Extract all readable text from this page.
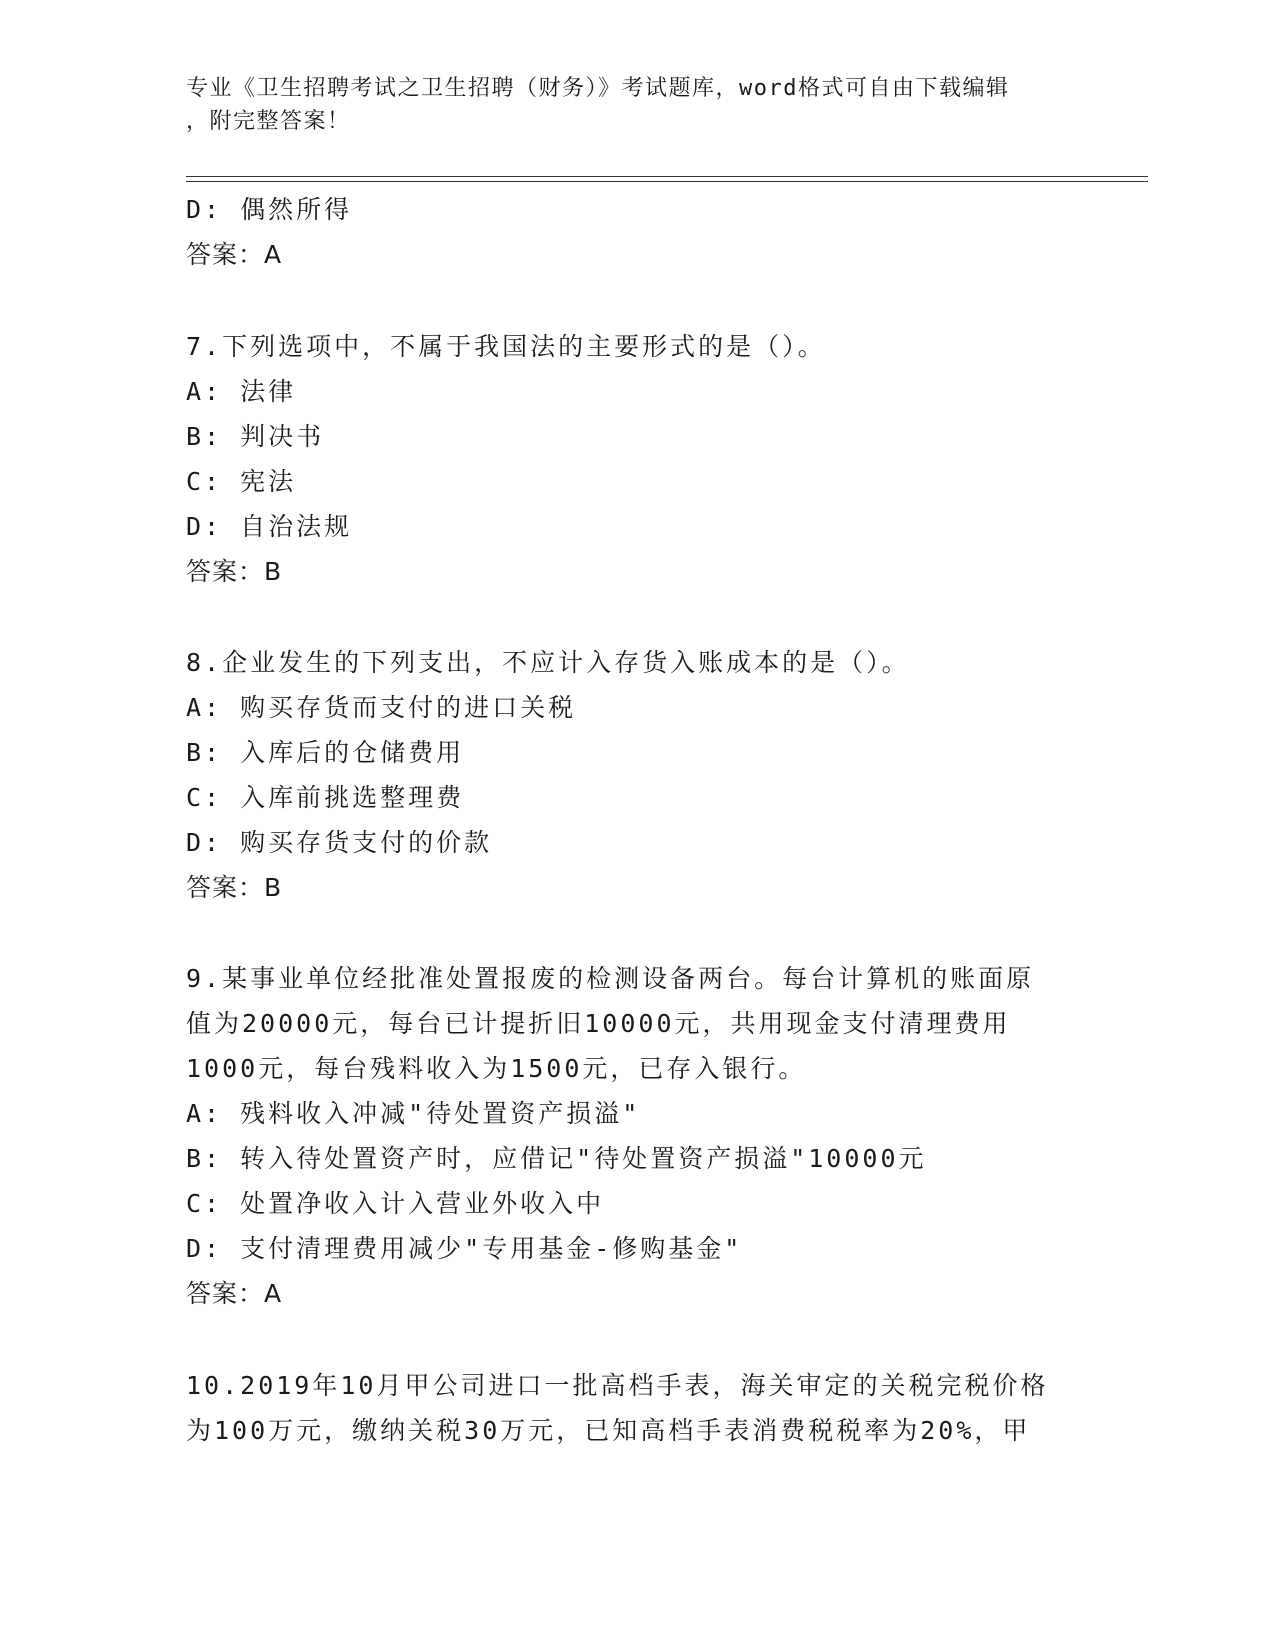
专业《卫生招聘考试之卫生招聘（财务）》考试题库，word格式可自由下载编辑
，附完整答案！
D: 偶然所得
答案：A
7.下列选项中，不属于我国法的主要形式的是（）。
A: 法律
B: 判决书
C: 宪法
D: 自治法规
答案：B
8.企业发生的下列支出，不应计入存货入账成本的是（）。
A: 购买存货而支付的进口关税
B: 入库后的仓储费用
C: 入库前挑选整理费
D: 购买存货支付的价款
答案：B
9.某事业单位经批准处置报废的检测设备两台。每台计算机的账面原
值为20000元，每台已计提折旧10000元，共用现金支付清理费用
1000元，每台残料收入为1500元，已存入银行。
A: 残料收入冲减"待处置资产损溢"
B: 转入待处置资产时，应借记"待处置资产损溢"10000元
C: 处置净收入计入营业外收入中
D: 支付清理费用减少"专用基金-修购基金"
答案：A
10.2019年10月甲公司进口一批高档手表，海关审定的关税完税价格
为100万元，缴纳关税30万元，已知高档手表消费税税率为20%，甲
